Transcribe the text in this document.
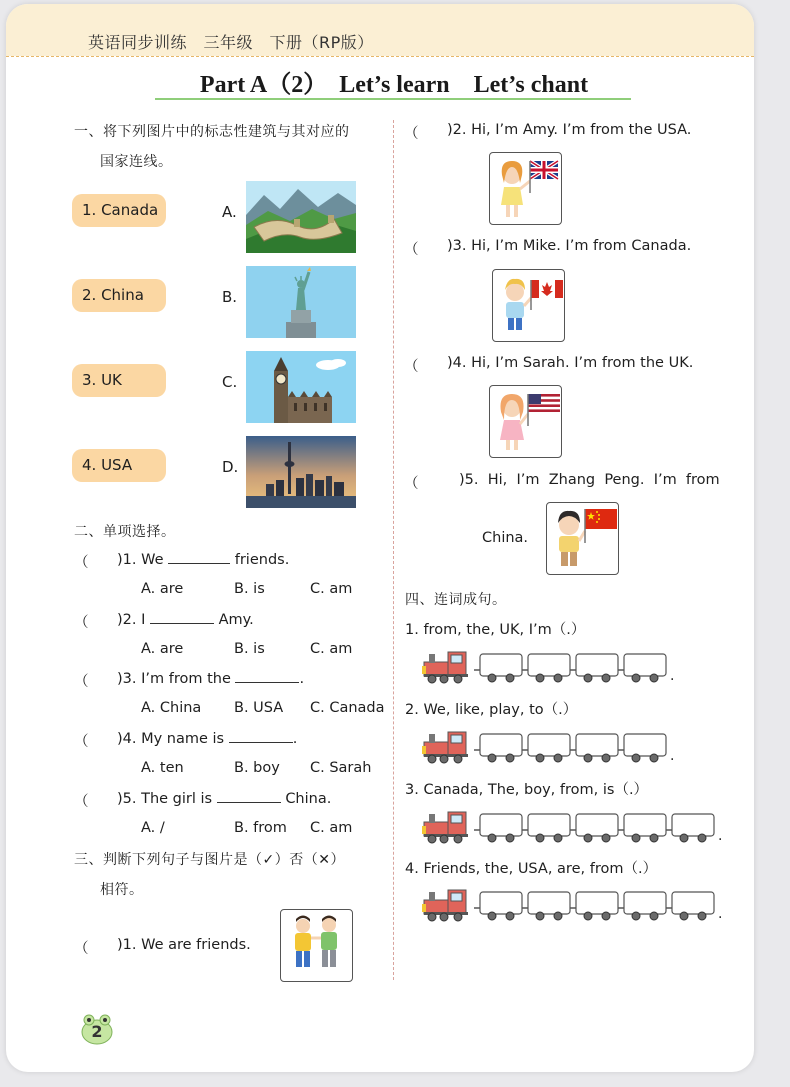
英语同步训练　三年级　下册（RP版）
Part A（2）　Let’s learn　Let’s chant
一、将下列图片中的标志性建筑与其对应的
国家连线。
1. Canada	A.
2. China	B.
3. UK	C.
4. USA	D.
二、单项选择。
（ )1. We	friends.
A. are	B. is	C. am
（ )2. I	Amy.
A. are	B. is	C. am
（ )3. I’m from the	.
A. China B. USA C. Canada
（ )4. My name is	.
A. ten	B. boy C. Sarah
（ )5. The girl is	China.
A. /	B. from C. am
三、判断下列句子与图片是（✓）否（✕）
相符。
（ )1. We are friends.
（ )2. Hi, I’m Amy. I’m from the USA.
（ )3. Hi, I’m Mike. I’m from Canada.
（ )4. Hi, I’m Sarah. I’m from the UK.
（	)5.  Hi,  I’m  Zhang  Peng.  I’m  from
China.
四、连词成句。
1. from, the, UK, I’m（.）
.
2. We, like, play, to（.）
.
3. Canada, The, boy, from, is（.）
.
4. Friends, the, USA, are, from（.）
.
2
